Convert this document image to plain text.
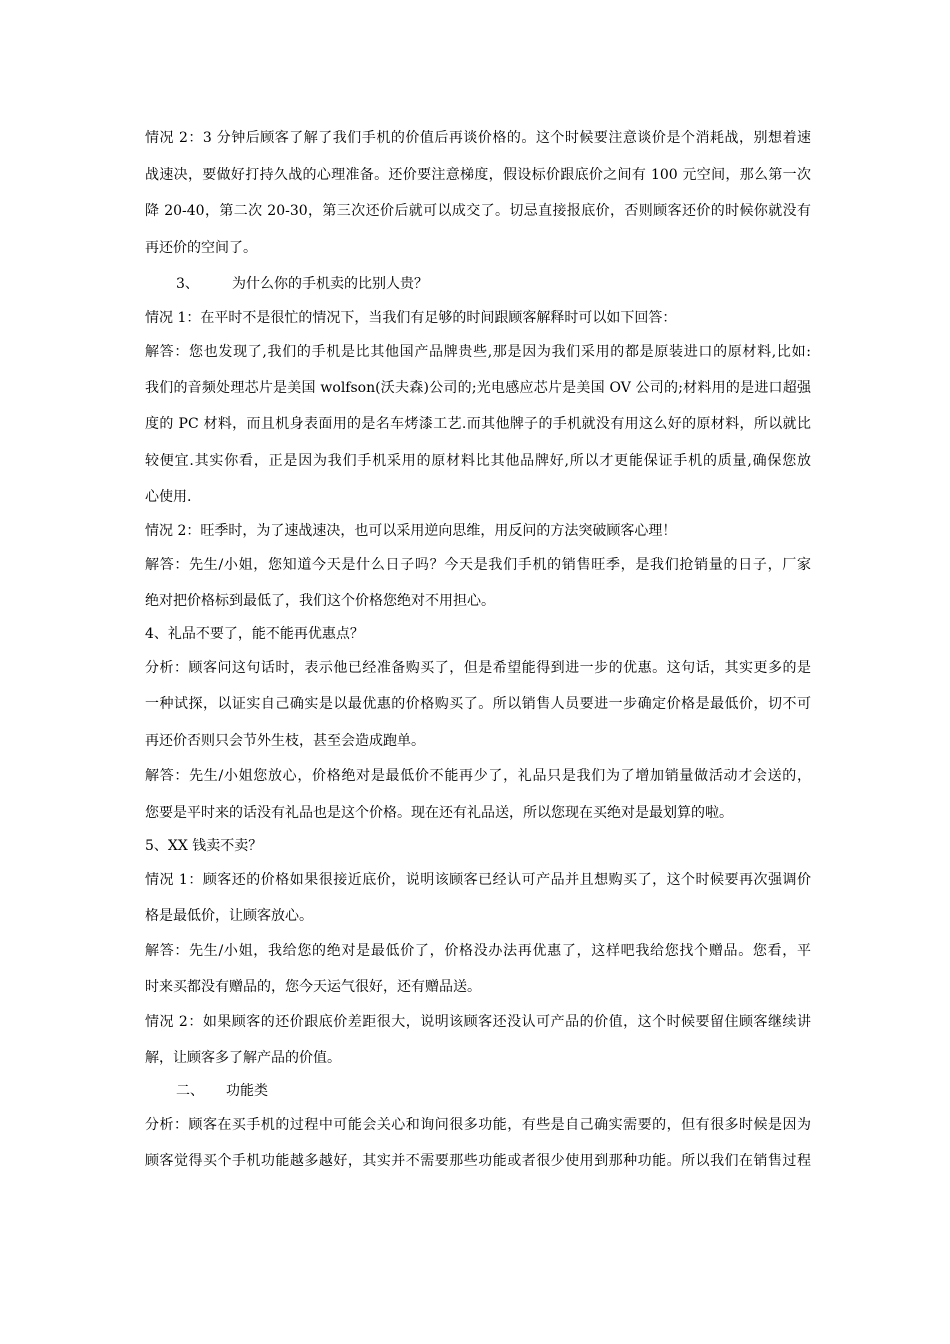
情况 2：3 分钟后顾客了解了我们手机的价值后再谈价格的。这个时候要注意谈价是个消耗战，别想着速
战速决，要做好打持久战的心理准备。还价要注意梯度，假设标价跟底价之间有 100 元空间，那么第一次
降 20-40，第二次 20-30，第三次还价后就可以成交了。切忌直接报底价，否则顾客还价的时候你就没有
再还价的空间了。
3、 为什么你的手机卖的比别人贵？
情况 1：在平时不是很忙的情况下，当我们有足够的时间跟顾客解释时可以如下回答：
解答：您也发现了,我们的手机是比其他国产品牌贵些,那是因为我们采用的都是原装进口的原材料,比如:
我们的音频处理芯片是美国 wolfson(沃夫森)公司的;光电感应芯片是美国 OV 公司的;材料用的是进口超强
度的 PC 材料，而且机身表面用的是名车烤漆工艺.而其他牌子的手机就没有用这么好的原材料，所以就比
较便宜.其实你看，正是因为我们手机采用的原材料比其他品牌好,所以才更能保证手机的质量,确保您放
心使用.
情况 2：旺季时，为了速战速决，也可以采用逆向思维，用反问的方法突破顾客心理！
解答：先生/小姐，您知道今天是什么日子吗？今天是我们手机的销售旺季，是我们抢销量的日子，厂家
绝对把价格标到最低了，我们这个价格您绝对不用担心。
4、礼品不要了，能不能再优惠点？
分析：顾客问这句话时，表示他已经准备购买了，但是希望能得到进一步的优惠。这句话，其实更多的是
一种试探，以证实自己确实是以最优惠的价格购买了。所以销售人员要进一步确定价格是最低价，切不可
再还价否则只会节外生枝，甚至会造成跑单。
解答：先生/小姐您放心，价格绝对是最低价不能再少了，礼品只是我们为了增加销量做活动才会送的，
您要是平时来的话没有礼品也是这个价格。现在还有礼品送，所以您现在买绝对是最划算的啦。
5、XX 钱卖不卖？
情况 1：顾客还的价格如果很接近底价，说明该顾客已经认可产品并且想购买了，这个时候要再次强调价
格是最低价，让顾客放心。
解答：先生/小姐，我给您的绝对是最低价了，价格没办法再优惠了，这样吧我给您找个赠品。您看，平
时来买都没有赠品的，您今天运气很好，还有赠品送。
情况 2：如果顾客的还价跟底价差距很大，说明该顾客还没认可产品的价值，这个时候要留住顾客继续讲
解，让顾客多了解产品的价值。
二、 功能类
分析：顾客在买手机的过程中可能会关心和询问很多功能，有些是自己确实需要的，但有很多时候是因为
顾客觉得买个手机功能越多越好，其实并不需要那些功能或者很少使用到那种功能。所以我们在销售过程
